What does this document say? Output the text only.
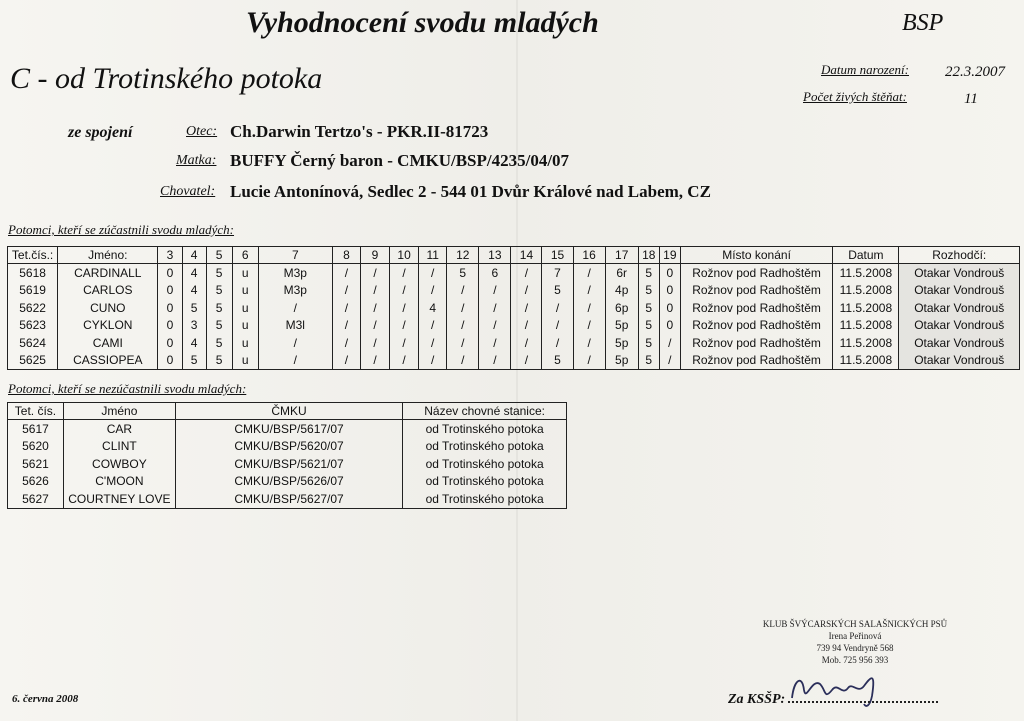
Vyhodnocení svodu mladých	BSP
C - od Trotinského potoka	Datum narození: 22.3.2007
Počet živých štěňat:	11
ze spojení	Otec: Ch.Darwin Tertzo's - PKR.II-81723
Matka: BUFFY Černý baron - CMKU/BSP/4235/04/07
Chovatel: Lucie Antonínová, Sedlec 2 - 544 01 Dvůr Králové nad Labem, CZ
Potomci, kteří se zúčastnili svodu mladých:
Tet.čís.:	Jméno:	3	4	5	6	7	8	9	10	11	12	13	14	15	16	17	18	19	Místo konání	Datum	Rozhodčí:
5618	CARDINALL	0	4	5	u	M3p	/	/	/	/	5	6	/	7	/	6r	5	0	Rožnov pod Radhoštěm	11.5.2008	Otakar Vondrouš
5619	CARLOS	0	4	5	u	M3p	/	/	/	/	/	/	/	5	/	4p	5	0	Rožnov pod Radhoštěm	11.5.2008	Otakar Vondrouš
5622	CUNO	0	5	5	u	/	/	/	/	4	/	/	/	/	/	6p	5	0	Rožnov pod Radhoštěm	11.5.2008	Otakar Vondrouš
5623	CYKLON	0	3	5	u	M3l	/	/	/	/	/	/	/	/	/	5p	5	0	Rožnov pod Radhoštěm	11.5.2008	Otakar Vondrouš
5624	CAMI	0	4	5	u	/	/	/	/	/	/	/	/	/	/	5p	5	/	Rožnov pod Radhoštěm	11.5.2008	Otakar Vondrouš
5625	CASSIOPEA	0	5	5	u	/	/	/	/	/	/	/	/	5	/	5p	5	/	Rožnov pod Radhoštěm	11.5.2008	Otakar Vondrouš
Potomci, kteří se nezúčastnili svodu mladých:
Tet. čís.	Jméno	ČMKU	Název chovné stanice:
5617	CAR	CMKU/BSP/5617/07	od Trotinského potoka
5620	CLINT	CMKU/BSP/5620/07	od Trotinského potoka
5621	COWBOY	CMKU/BSP/5621/07	od Trotinského potoka
5626	C'MOON	CMKU/BSP/5626/07	od Trotinského potoka
5627	COURTNEY LOVE	CMKU/BSP/5627/07	od Trotinského potoka
KLUB ŠVÝCARSKÝCH SALAŠNICKÝCH PSŮ
Irena Peřinová
739 94 Vendryně 568
Mob. 725 956 393
6. června 2008	Za KSŠP:
